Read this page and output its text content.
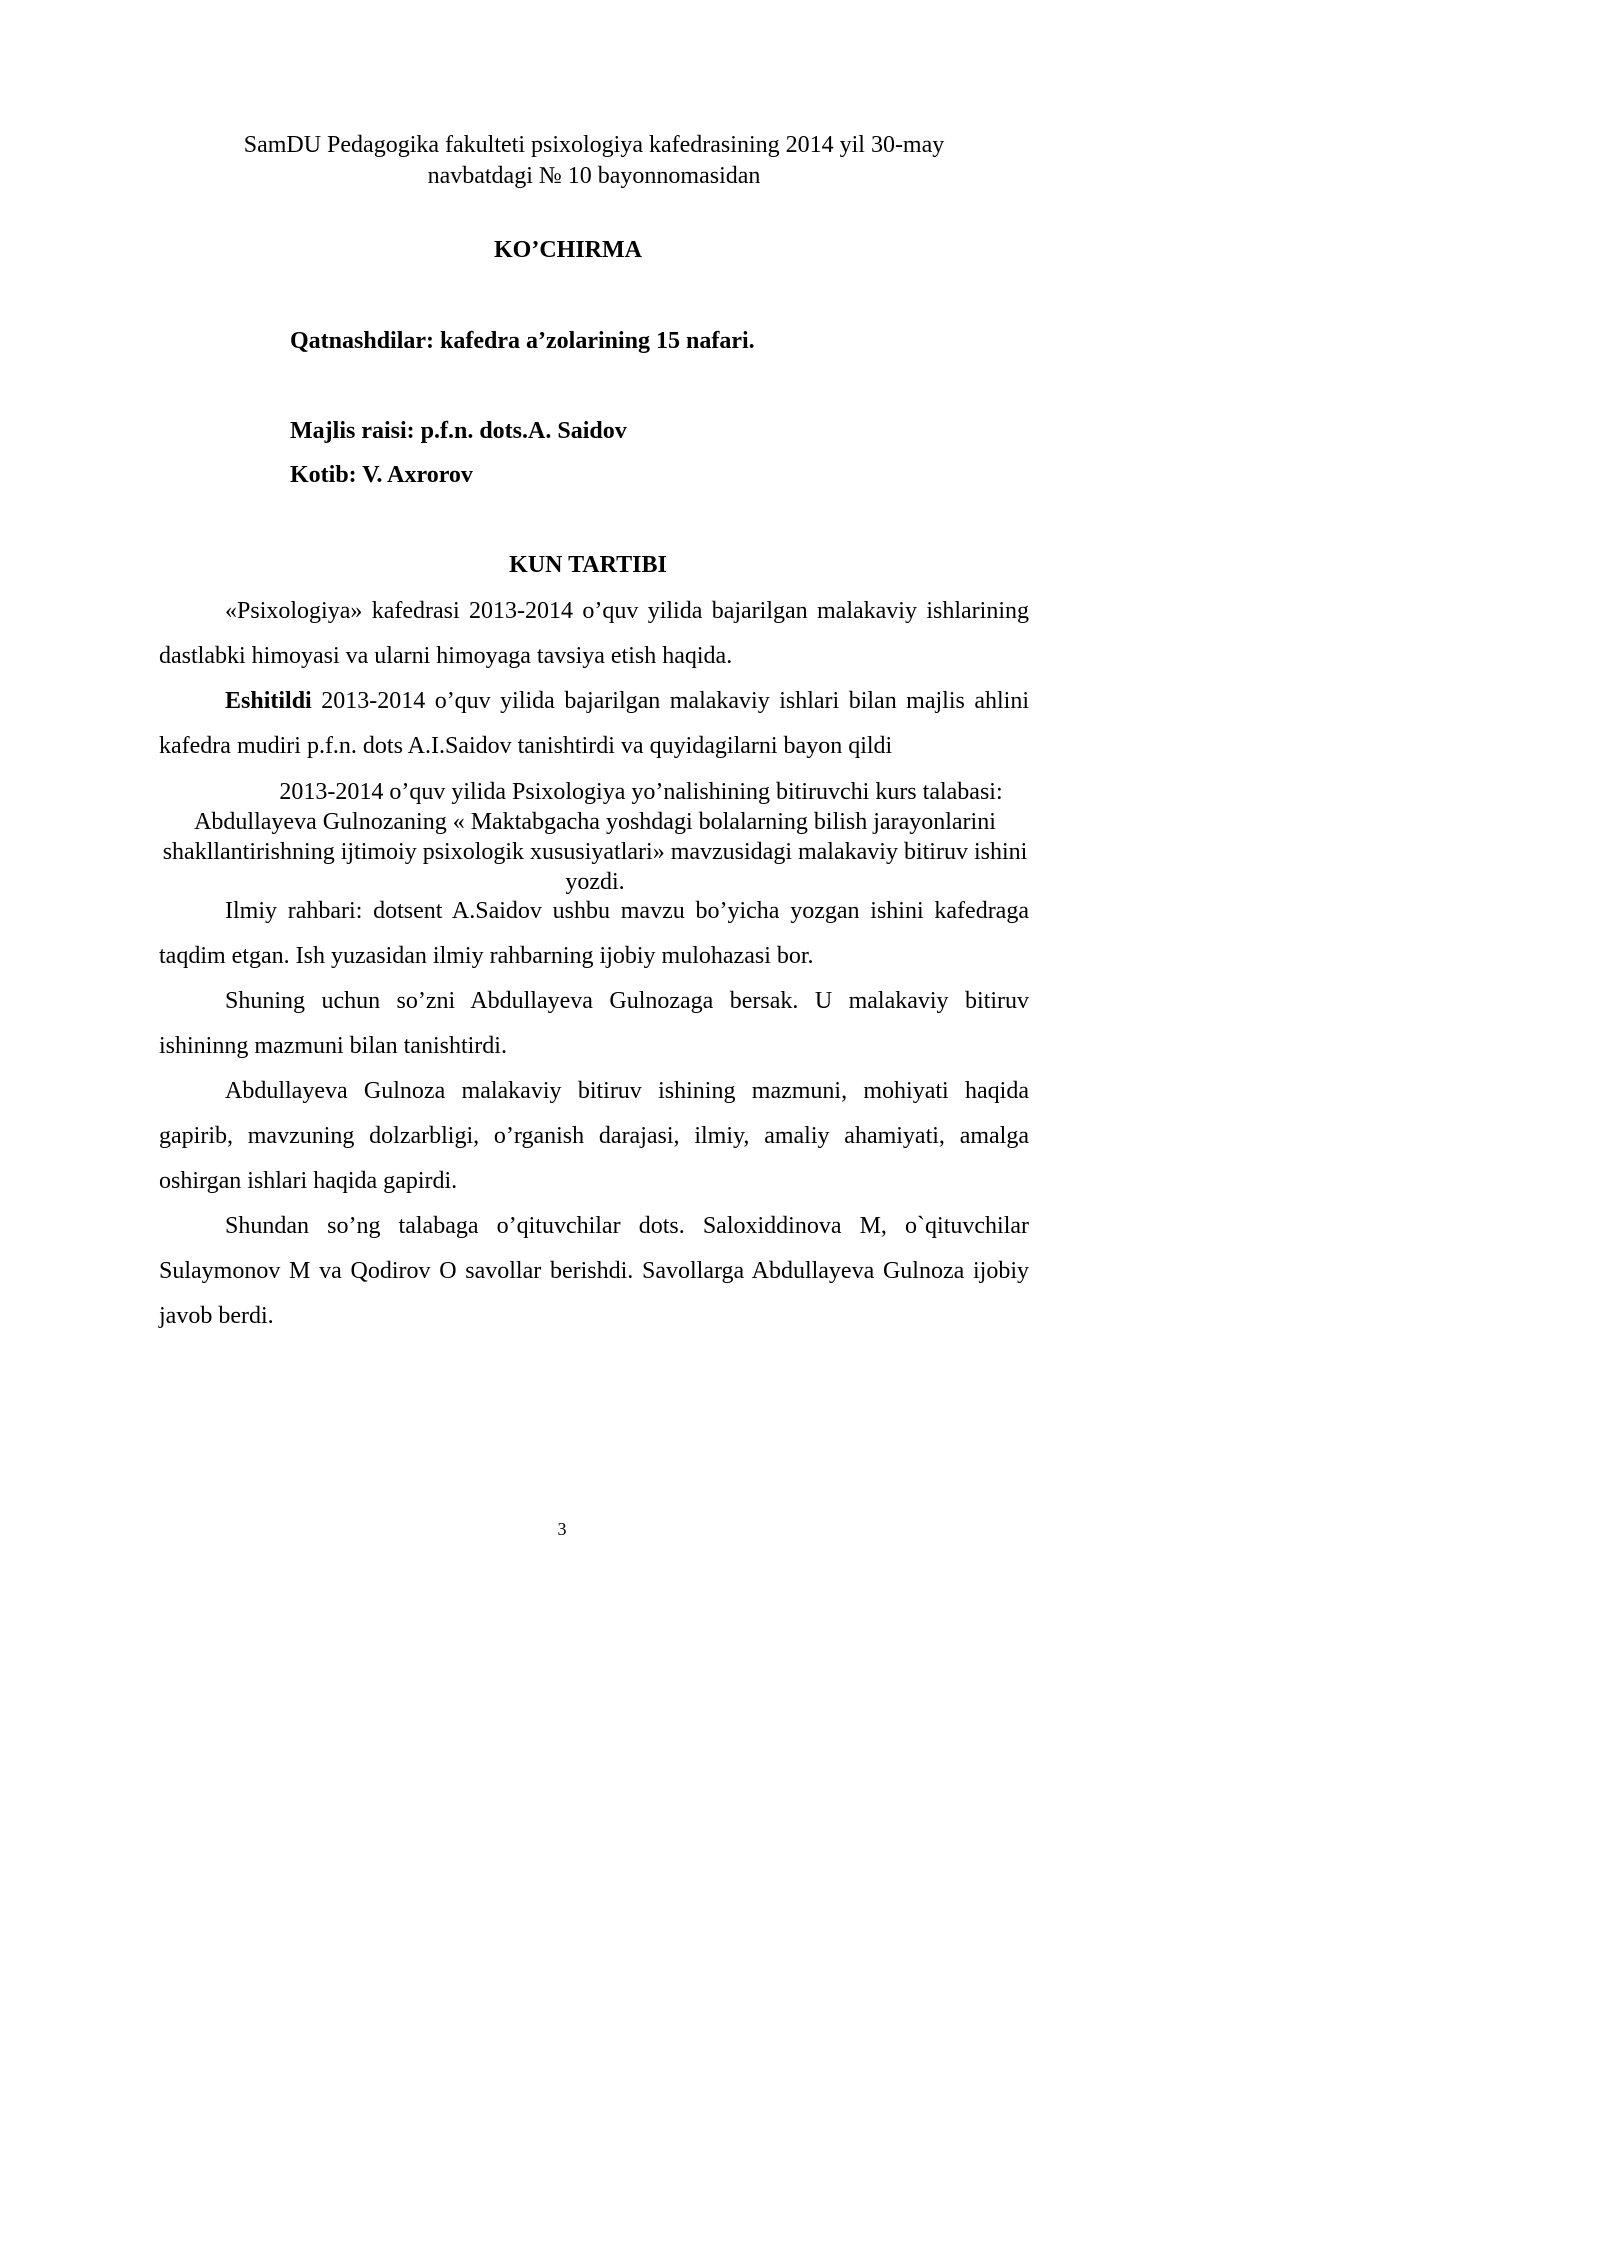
SamDU Pedagogika fakulteti psixologiya kafedrasining 2014 yil 30-may
navbatdagi № 10 bayonnomasidan
KO’CHIRMA
Qatnashdilar: kafedra a’zolarining 15 nafari.
Majlis raisi: p.f.n. dots.A. Saidov
Kotib: V. Axrorov
KUN TARTIBI
«Psixologiya» kafedrasi 2013-2014 o’quv yilida bajarilgan malakaviy ishlarining dastlabki himoyasi va ularni himoyaga tavsiya etish haqida.
Eshitildi 2013-2014 o’quv yilida bajarilgan malakaviy ishlari bilan majlis ahlini kafedra mudiri p.f.n. dots A.I.Saidov tanishtirdi va quyidagilarni bayon qildi
2013-2014 o’quv yilida Psixologiya yo’nalishining bitiruvchi kurs talabasi:
Abdullayeva Gulnozaning « Maktabgacha yoshdagi bolalarning bilish jarayonlarini shakllantirishning ijtimoiy psixologik xususiyatlari» mavzusidagi malakaviy bitiruv ishini yozdi.
Ilmiy rahbari: dotsent A.Saidov ushbu mavzu bo’yicha yozgan ishini kafedraga taqdim etgan. Ish yuzasidan ilmiy rahbarning ijobiy mulohazasi bor.
Shuning uchun so’zni Abdullayeva Gulnozaga bersak. U malakaviy bitiruv ishininng mazmuni bilan tanishtirdi.
Abdullayeva Gulnoza malakaviy bitiruv ishining mazmuni, mohiyati haqida gapirib, mavzuning dolzarbligi, o’rganish darajasi, ilmiy, amaliy ahamiyati, amalga oshirgan ishlari haqida gapirdi.
Shundan so’ng talabaga o’qituvchilar dots. Saloxiddinova M, o`qituvchilar Sulaymonov M va Qodirov O savollar berishdi. Savollarga Abdullayeva Gulnoza ijobiy javob berdi.
3
